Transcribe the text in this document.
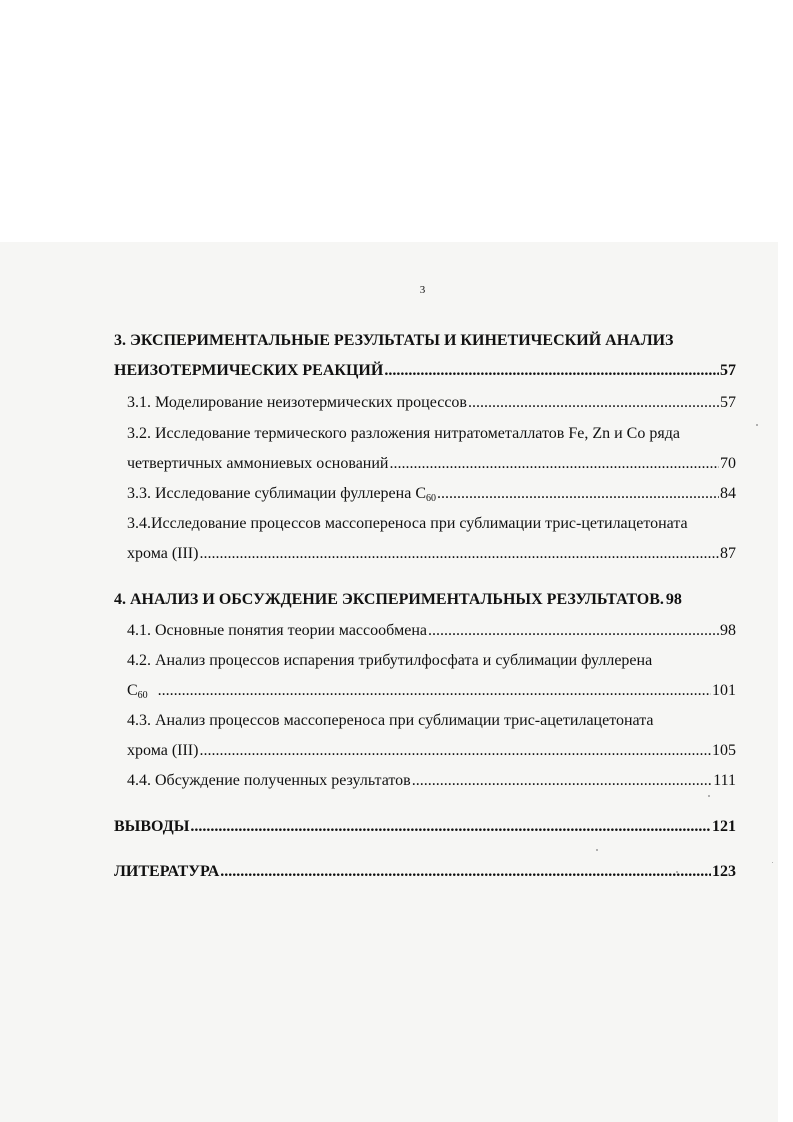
3
3. ЭКСПЕРИМЕНТАЛЬНЫЕ РЕЗУЛЬТАТЫ И КИНЕТИЧЕСКИЙ АНАЛИЗ
НЕИЗОТЕРМИЧЕСКИХ РЕАКЦИЙ .....	57
3.1. Моделирование неизотермических процессов .....	57
3.2. Исследование термического разложения нитратометаллатов Fe, Zn и Co ряда
четвертичных аммониевых оснований .....	70
3.3. Исследование сублимации фуллерена $С_{60}$ .....	84
3.4.Исследование процессов массопереноса при сублимации трис-цетилацетоната
хрома (III) .....	87
4. АНАЛИЗ И ОБСУЖДЕНИЕ ЭКСПЕРИМЕНТАЛЬНЫХ РЕЗУЛЬТАТОВ. 98
4.1. Основные понятия теории массообмена .....	98
4.2. Анализ процессов испарения трибутилфосфата и сублимации фуллерена
$С_{60}$ .....	101
4.3. Анализ процессов массопереноса при сублимации трис-ацетилацетоната
хрома (III) .....	105
4.4. Обсуждение полученных результатов .....	111
ВЫВОДЫ .....	121
ЛИТЕРАТУРА .....	123
